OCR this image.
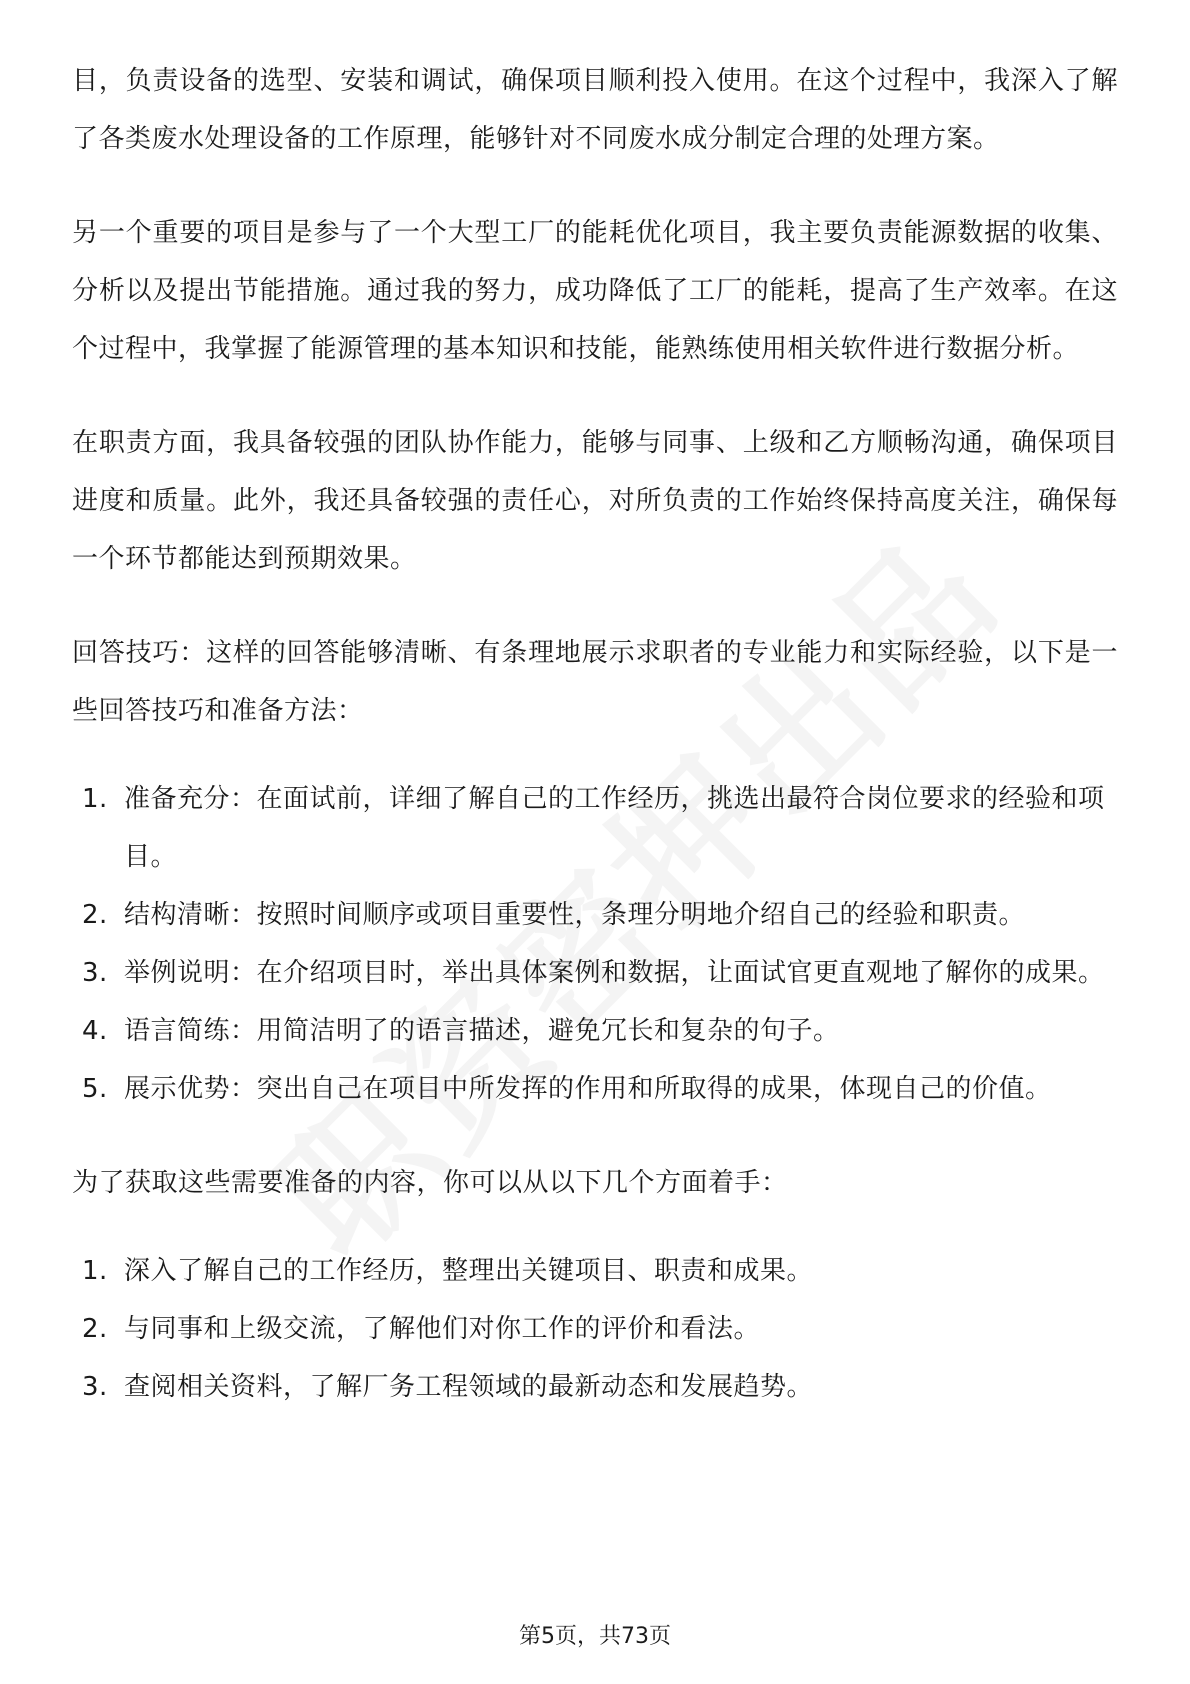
目，负责设备的选型、安装和调试，确保项目顺利投入使用。在这个过程中，我深入了解了各类废水处理设备的工作原理，能够针对不同废水成分制定合理的处理方案。

另一个重要的项目是参与了一个大型工厂的能耗优化项目，我主要负责能源数据的收集、分析以及提出节能措施。通过我的努力，成功降低了工厂的能耗，提高了生产效率。在这个过程中，我掌握了能源管理的基本知识和技能，能熟练使用相关软件进行数据分析。

在职责方面，我具备较强的团队协作能力，能够与同事、上级和乙方顺畅沟通，确保项目进度和质量。此外，我还具备较强的责任心，对所负责的工作始终保持高度关注，确保每一个环节都能达到预期效果。

回答技巧：这样的回答能够清晰、有条理地展示求职者的专业能力和实际经验，以下是一些回答技巧和准备方法：

1. 准备充分：在面试前，详细了解自己的工作经历，挑选出最符合岗位要求的经验和项目。
2. 结构清晰：按照时间顺序或项目重要性，条理分明地介绍自己的经验和职责。
3. 举例说明：在介绍项目时，举出具体案例和数据，让面试官更直观地了解你的成果。
4. 语言简练：用简洁明了的语言描述，避免冗长和复杂的句子。
5. 展示优势：突出自己在项目中所发挥的作用和所取得的成果，体现自己的价值。

为了获取这些需要准备的内容，你可以从以下几个方面着手：

1. 深入了解自己的工作经历，整理出关键项目、职责和成果。
2. 与同事和上级交流，了解他们对你工作的评价和看法。
3. 查阅相关资料，了解厂务工程领域的最新动态和发展趋势。
第5页，共73页
